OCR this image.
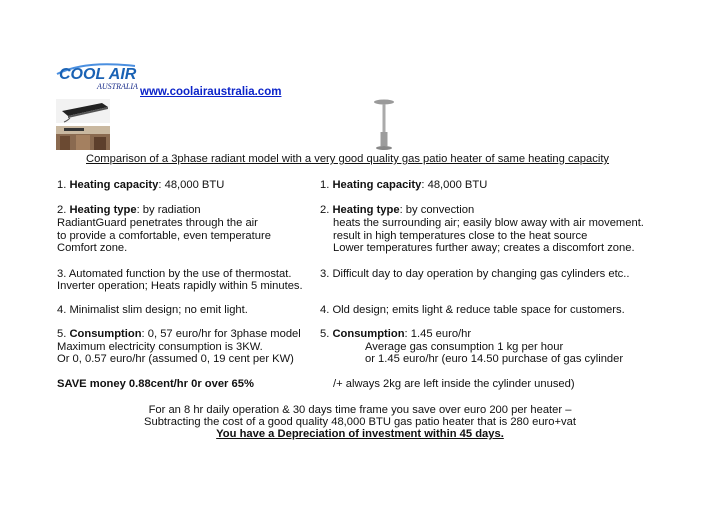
COOL AIR
AUSTRALIA www.coolairaustralia.com
Comparison of a 3phase radiant model with a very good quality gas patio heater of same heating capacity
1. Heating capacity: 48,000 BTU
2. Heating type: by radiation
RadiantGuard penetrates through the air
to provide a comfortable, even temperature
Comfort zone.
3. Automated function by the use of thermostat.
Inverter operation; Heats rapidly within 5 minutes.
4. Minimalist slim design; no emit light.
5. Consumption: 0, 57 euro/hr for 3phase model
Maximum electricity consumption is 3KW.
Or 0, 0.57 euro/hr (assumed 0, 19 cent per KW)
SAVE money 0.88cent/hr 0r over 65%
1. Heating capacity: 48,000 BTU
2. Heating type: by convection
heats the surrounding air; easily blow away with air movement.
result in high temperatures close to the heat source
Lower temperatures further away; creates a discomfort zone.
3. Difficult day to day operation by changing gas cylinders etc..
4. Old design; emits light & reduce table space for customers.
5. Consumption: 1.45 euro/hr
Average gas consumption 1 kg per hour
or 1.45 euro/hr (euro 14.50 purchase of gas cylinder
/+ always 2kg are left inside the cylinder unused)
For an 8 hr daily operation & 30 days time frame you save over euro 200 per heater –
Subtracting the cost of a good quality 48,000 BTU gas patio heater that is 280 euro+vat
You have a Depreciation of investment within 45 days.
